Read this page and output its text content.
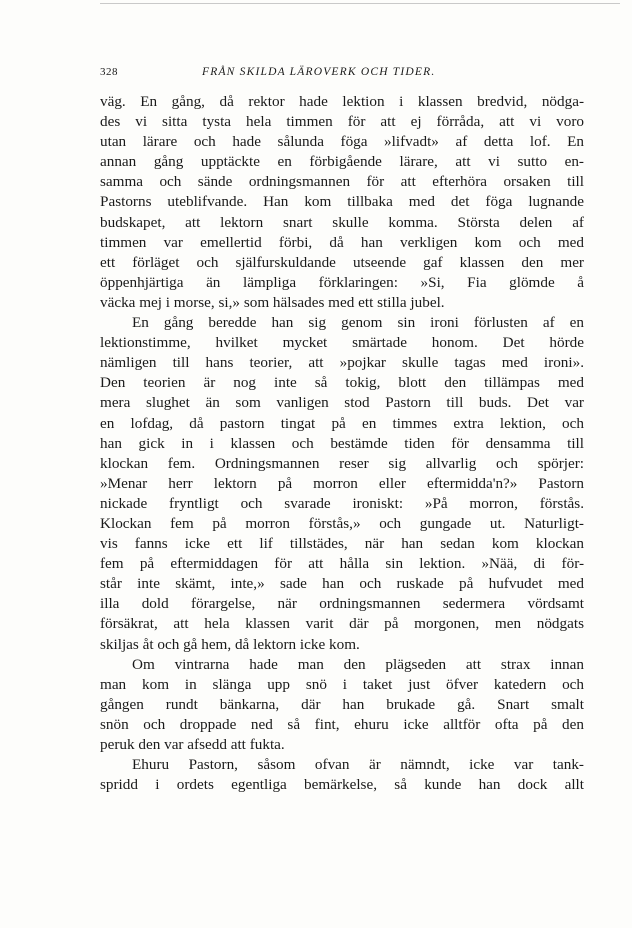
328	FRÅN SKILDA LÄROVERK OCH TIDER.
väg. En gång, då rektor hade lektion i klassen bredvid, nödga-
des vi sitta tysta hela timmen för att ej förråda, att vi voro
utan lärare och hade sålunda föga »lifvadt» af detta lof. En
annan gång upptäckte en förbigående lärare, att vi sutto en-
samma och sände ordningsmannen för att efterhöra orsaken till
Pastorns uteblifvande. Han kom tillbaka med det föga lugnande
budskapet, att lektorn snart skulle komma. Största delen af
timmen var emellertid förbi, då han verkligen kom och med
ett förläget och själfurskuldande utseende gaf klassen den mer
öppenhjärtiga än lämpliga förklaringen: »Si, Fia glömde å
väcka mej i morse, si,» som hälsades med ett stilla jubel.
En gång beredde han sig genom sin ironi förlusten af en
lektionstimme, hvilket mycket smärtade honom. Det hörde
nämligen till hans teorier, att »pojkar skulle tagas med ironi».
Den teorien är nog inte så tokig, blott den tillämpas med
mera slughet än som vanligen stod Pastorn till buds. Det var
en lofdag, då pastorn tingat på en timmes extra lektion, och
han gick in i klassen och bestämde tiden för densamma till
klockan fem. Ordningsmannen reser sig allvarlig och spörjer:
»Menar herr lektorn på morron eller eftermidda'n?» Pastorn
nickade fryntligt och svarade ironiskt: »På morron, förstås.
Klockan fem på morron förstås,» och gungade ut. Naturligt-
vis fanns icke ett lif tillstädes, när han sedan kom klockan
fem på eftermiddagen för att hålla sin lektion. »Nää, di för-
står inte skämt, inte,» sade han och ruskade på hufvudet med
illa dold förargelse, när ordningsmannen sedermera vördsamt
försäkrat, att hela klassen varit där på morgonen, men nödgats
skiljas åt och gå hem, då lektorn icke kom.
Om vintrarna hade man den plägseden att strax innan
man kom in slänga upp snö i taket just öfver katedern och
gången rundt bänkarna, där han brukade gå. Snart smalt
snön och droppade ned så fint, ehuru icke alltför ofta på den
peruk den var afsedd att fukta.
Ehuru Pastorn, såsom ofvan är nämndt, icke var tank-
spridd i ordets egentliga bemärkelse, så kunde han dock allt
